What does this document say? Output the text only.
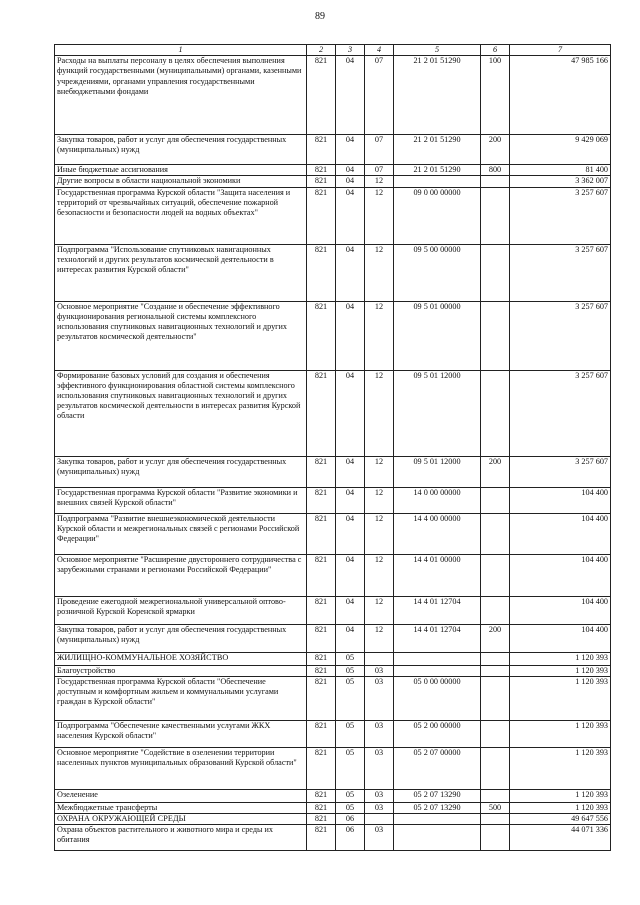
89
1	2	3	4	5	6	7
Расходы на выплаты персоналу в целях обеспечения выполнения функций государственными (муниципальными) органами, казенными учреждениями, органами управления государственными внебюджетными фондами	821	04	07	21 2 01 51290	100	47 985 166
Закупка товаров, работ и услуг для обеспечения государственных (муниципальных) нужд	821	04	07	21 2 01 51290	200	9 429 069
Иные бюджетные ассигнования	821	04	07	21 2 01 51290	800	81 400
Другие вопросы в области национальной экономики	821	04	12			3 362 007
Государственная программа Курской области "Защита населения и территорий от чрезвычайных ситуаций, обеспечение пожарной безопасности и безопасности людей на водных объектах"	821	04	12	09 0 00 00000		3 257 607
Подпрограмма "Использование спутниковых навигационных технологий и других результатов космической деятельности в интересах развития Курской области"	821	04	12	09 5 00 00000		3 257 607
Основное мероприятие "Создание и обеспечение эффективного функционирования региональной системы комплексного использования спутниковых навигационных технологий и других результатов космической деятельности"	821	04	12	09 5 01 00000		3 257 607
Формирование базовых условий для создания и обеспечения эффективного функционирования областной системы комплексного использования спутниковых навигационных технологий и других результатов космической деятельности в интересах развития Курской области	821	04	12	09 5 01 12000		3 257 607
Закупка товаров, работ и услуг для обеспечения государственных (муниципальных) нужд	821	04	12	09 5 01 12000	200	3 257 607
Государственная программа Курской области "Развитие экономики и внешних связей Курской области"	821	04	12	14 0 00 00000		104 400
Подпрограмма "Развитие внешнеэкономической деятельности Курской области и межрегиональных связей с регионами Российской Федерации"	821	04	12	14 4 00 00000		104 400
Основное мероприятие "Расширение двустороннего сотрудничества с зарубежными странами и регионами Российской Федерации"	821	04	12	14 4 01 00000		104 400
Проведение ежегодной межрегиональной универсальной оптово-розничной Курской Коренской ярмарки	821	04	12	14 4 01 12704		104 400
Закупка товаров, работ и услуг для обеспечения государственных (муниципальных) нужд	821	04	12	14 4 01 12704	200	104 400
ЖИЛИЩНО-КОММУНАЛЬНОЕ ХОЗЯЙСТВО	821	05				1 120 393
Благоустройство	821	05	03			1 120 393
Государственная программа Курской области "Обеспечение доступным и комфортным жильем и коммунальными услугами граждан в Курской области"	821	05	03	05 0 00 00000		1 120 393
Подпрограмма "Обеспечение качественными услугами ЖКХ населения Курской области"	821	05	03	05 2 00 00000		1 120 393
Основное мероприятие "Содействие в озеленении территории населенных пунктов муниципальных образований Курской области"	821	05	03	05 2 07 00000		1 120 393
Озеленение	821	05	03	05 2 07 13290		1 120 393
Межбюджетные трансферты	821	05	03	05 2 07 13290	500	1 120 393
ОХРАНА ОКРУЖАЮЩЕЙ СРЕДЫ	821	06				49 647 556
Охрана объектов растительного и животного мира и среды их обитания	821	06	03			44 071 336
